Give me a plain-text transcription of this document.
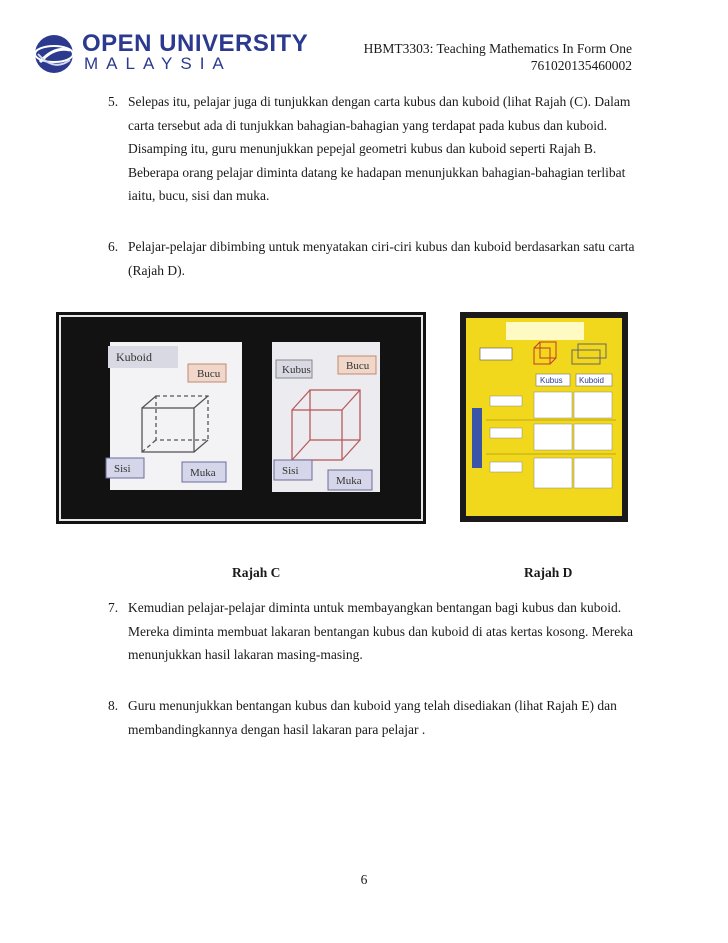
OPEN UNIVERSITY
MALAYSIA
HBMT3303: Teaching Mathematics In Form One
761020135460002
5. Selepas itu, pelajar juga di tunjukkan dengan carta kubus dan kuboid (lihat Rajah (C). Dalam carta tersebut ada di tunjukkan bahagian-bahagian yang terdapat pada kubus dan kuboid. Disamping itu, guru menunjukkan pepejal geometri kubus dan kuboid seperti Rajah B. Beberapa orang pelajar diminta datang ke hadapan menunjukkan bahagian-bahagian terlibat iaitu, bucu, sisi dan muka.
6. Pelajar-pelajar dibimbing untuk menyatakan ciri-ciri kubus dan kuboid berdasarkan satu carta (Rajah D).
Kuboid
Bucu
Sisi	Muka
Kubus	Bucu
Sisi
Muka
Kubus Kuboid
Rajah C	Rajah D
7. Kemudian pelajar-pelajar diminta untuk membayangkan bentangan bagi kubus dan kuboid. Mereka diminta membuat lakaran bentangan kubus dan kuboid di atas kertas kosong. Mereka menunjukkan hasil lakaran masing-masing.
8. Guru menunjukkan bentangan kubus dan kuboid yang telah disediakan (lihat Rajah E) dan membandingkannya dengan hasil lakaran para pelajar .
6
